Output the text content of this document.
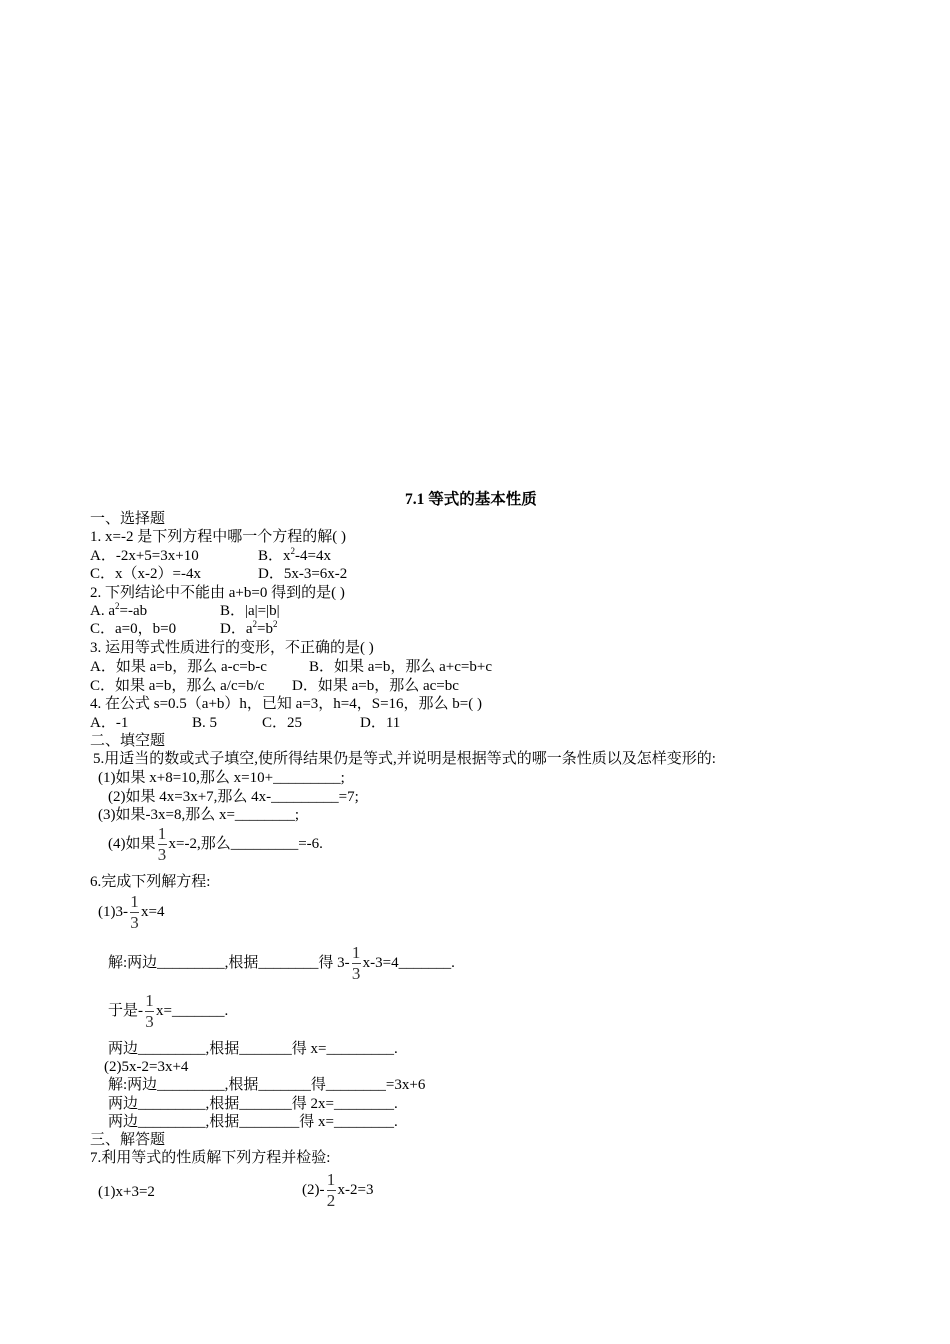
7.1 等式的基本性质
一、选择题
1. x=-2 是下列方程中哪一个方程的解( )
A．-2x+5=3x+10	B．$x^2-4=4x$
C．x（x-2）=-4x	D．5x-3=6x-2
2. 下列结论中不能由 a+b=0 得到的是( )
A. $a^2=-ab$	B．|a|=|b|
C．a=0，b=0	D．$a^2=b^2$
3. 运用等式性质进行的变形，不正确的是( )
A．如果 a=b，那么 a-c=b-c	B．如果 a=b，那么 a+c=b+c
C．如果 a=b，那么 a/c=b/c D．如果 a=b，那么 ac=bc
4. 在公式 s=0.5（a+b）h，已知 a=3，h=4，S=16，那么 b=( )
A．-1	B. 5	C．25	D．11
二、填空题
5.用适当的数或式子填空,使所得结果仍是等式,并说明是根据等式的哪一条性质以及怎样变形的:
(1)如果 x+8=10,那么 x=10+_________;
(2)如果 4x=3x+7,那么 4x-_________=7;
(3)如果-3x=8,那么 x=________;
(4)如果 $\frac{1}{3} x=-2$,那么_________=-6.
6.完成下列解方程:
$(1)3- \frac{1}{3} x=4$
解:两边_________,根据________得 $3- \frac{1}{3}$ x-3=4_______.
于是- $\frac{1}{3}$ x=_______.
两边_________,根据_______得 x=_________.
(2)5x-2=3x+4
解:两边_________,根据_______得________=3x+6
两边_________,根据_______得 2x=________.
两边_________,根据________得 x=________.
三、解答题
7.利用等式的性质解下列方程并检验:
(1)x+3=2	$(2)- \frac{1}{2} x-2=3$
